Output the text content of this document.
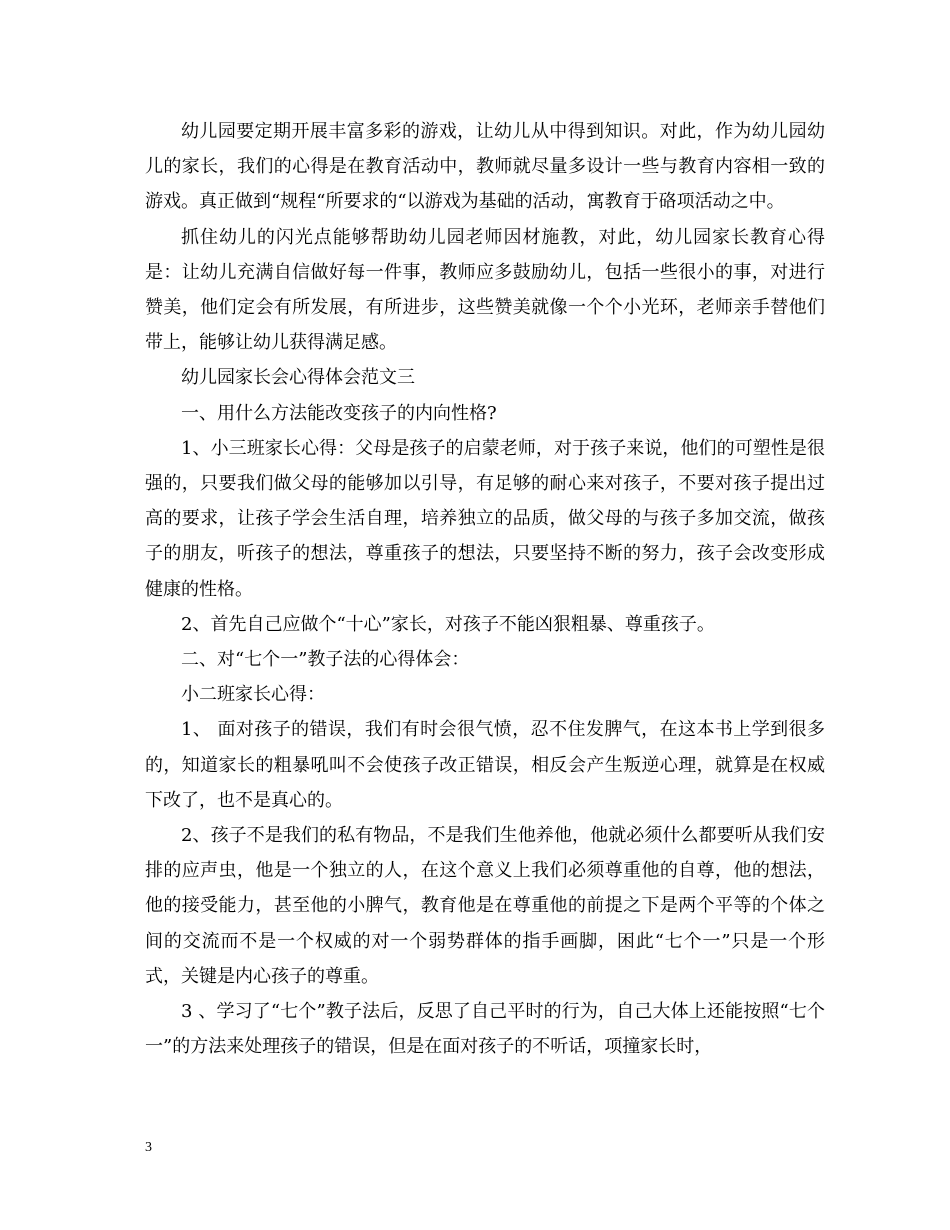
幼儿园要定期开展丰富多彩的游戏，让幼儿从中得到知识。对此，作为幼儿园幼儿的家长，我们的心得是在教育活动中，教师就尽量多设计一些与教育内容相一致的游戏。真正做到“规程“所要求的“以游戏为基础的活动，寓教育于硌项活动之中。

抓住幼儿的闪光点能够帮助幼儿园老师因材施教，对此，幼儿园家长教育心得是：让幼儿充满自信做好每一件事，教师应多鼓励幼儿，包括一些很小的事，对进行赞美，他们定会有所发展，有所进步，这些赞美就像一个个小光环，老师亲手替他们带上，能够让幼儿获得满足感。

幼儿园家长会心得体会范文三

一、用什么方法能改变孩子的内向性格?

1、小三班家长心得：父母是孩子的启蒙老师，对于孩子来说，他们的可塑性是很强的，只要我们做父母的能够加以引导，有足够的耐心来对孩子，不要对孩子提出过高的要求，让孩子学会生活自理，培养独立的品质，做父母的与孩子多加交流，做孩子的朋友，听孩子的想法，尊重孩子的想法，只要坚持不断的努力，孩子会改变形成健康的性格。

2、首先自己应做个“十心”家长，对孩子不能凶狠粗暴、尊重孩子。

二、对“七个一”教子法的心得体会：

小二班家长心得：

1、 面对孩子的错误，我们有时会很气愤，忍不住发脾气，在这本书上学到很多的，知道家长的粗暴吼叫不会使孩子改正错误，相反会产生叛逆心理，就算是在权威下改了，也不是真心的。

2、孩子不是我们的私有物品，不是我们生他养他，他就必须什么都要听从我们安排的应声虫，他是一个独立的人，在这个意义上我们必须尊重他的自尊，他的想法，他的接受能力，甚至他的小脾气，教育他是在尊重他的前提之下是两个平等的个体之间的交流而不是一个权威的对一个弱势群体的指手画脚，困此“七个一”只是一个形式，关键是内心孩子的尊重。

3 、学习了“七个”教子法后，反思了自己平时的行为，自己大体上还能按照“七个一”的方法来处理孩子的错误，但是在面对孩子的不听话，项撞家长时，

3
